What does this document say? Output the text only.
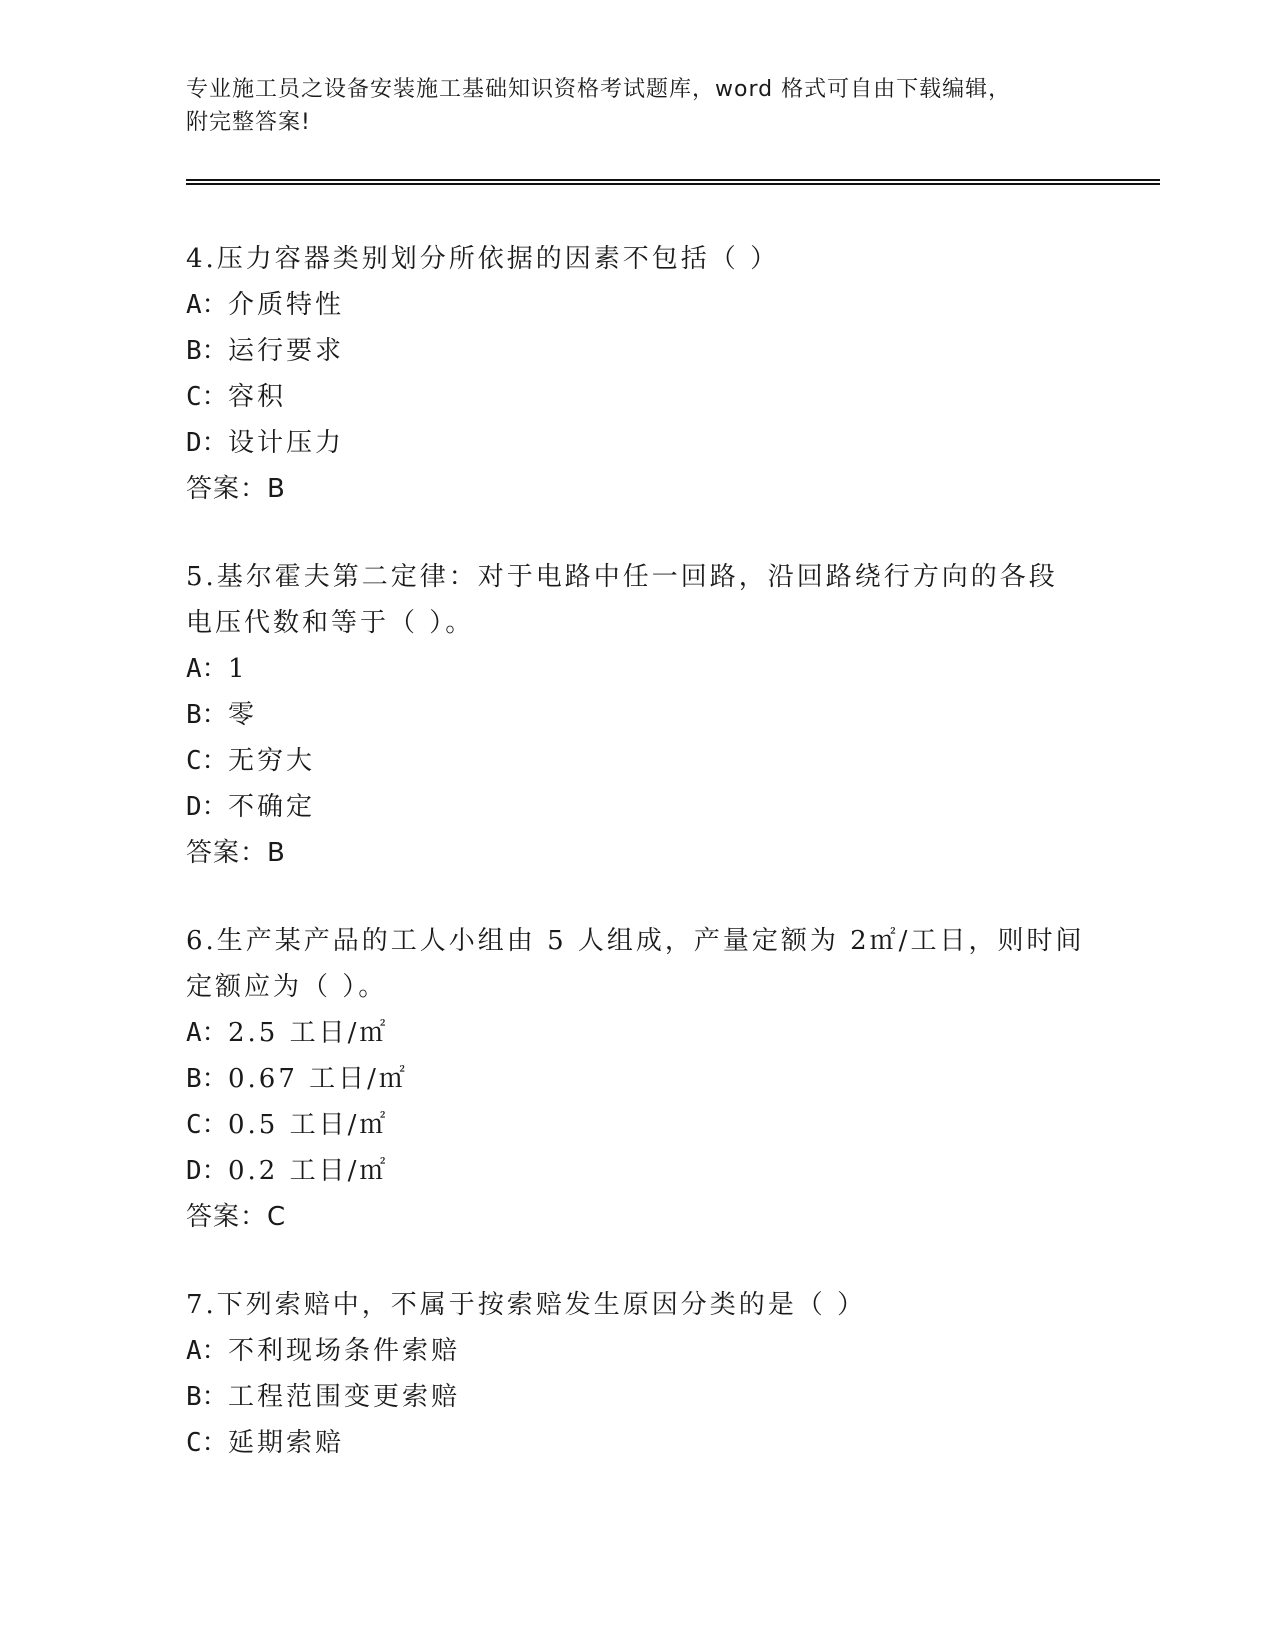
专业施工员之设备安装施工基础知识资格考试题库，word 格式可自由下载编辑，
附完整答案!
4.压力容器类别划分所依据的因素不包括（ ）
A： 介质特性
B： 运行要求
C： 容积
D： 设计压力
答案：B
5.基尔霍夫第二定律：对于电路中任一回路，沿回路绕行方向的各段
电压代数和等于（ ）。
A： 1
B： 零
C： 无穷大
D： 不确定
答案：B
6.生产某产品的工人小组由 5 人组成，产量定额为 2㎡/工日，则时间
定额应为（ ）。
A： 2.5 工日/㎡
B： 0.67 工日/㎡
C： 0.5 工日/㎡
D： 0.2 工日/㎡
答案：C
7.下列索赔中，不属于按索赔发生原因分类的是（ ）
A： 不利现场条件索赔
B： 工程范围变更索赔
C： 延期索赔
